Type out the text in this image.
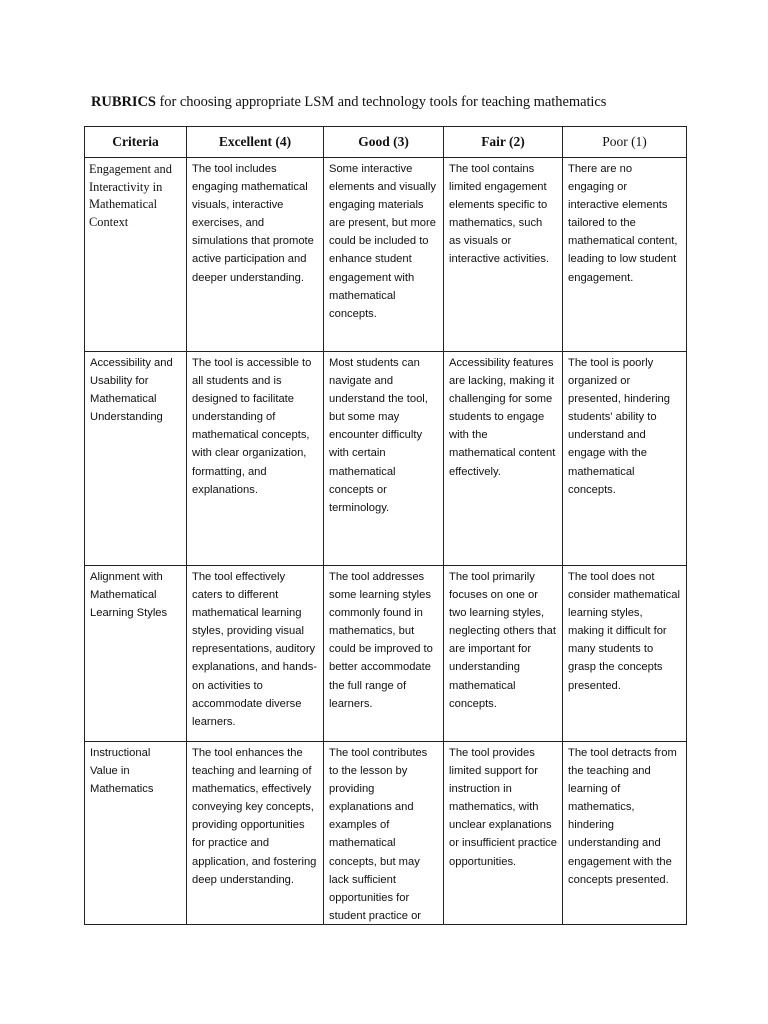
RUBRICS for choosing appropriate LSM and technology tools for teaching mathematics
Criteria	Excellent (4)	Good (3)	Fair (2)	Poor (1)

Engagement and Interactivity in Mathematical Context	The tool includes engaging mathematical visuals, interactive exercises, and simulations that promote active participation and deeper understanding.	Some interactive elements and visually engaging materials are present, but more could be included to enhance student engagement with mathematical concepts.	The tool contains limited engagement elements specific to mathematics, such as visuals or interactive activities.	There are no engaging or interactive elements tailored to the mathematical content, leading to low student engagement.

Accessibility and Usability for Mathematical Understanding	The tool is accessible to all students and is designed to facilitate understanding of mathematical concepts, with clear organization, formatting, and explanations.	Most students can navigate and understand the tool, but some may encounter difficulty with certain mathematical concepts or terminology.	Accessibility features are lacking, making it challenging for some students to engage with the mathematical content effectively.	The tool is poorly organized or presented, hindering students' ability to understand and engage with the mathematical concepts.

Alignment with Mathematical Learning Styles	The tool effectively caters to different mathematical learning styles, providing visual representations, auditory explanations, and hands-on activities to accommodate diverse learners.	The tool addresses some learning styles commonly found in mathematics, but could be improved to better accommodate the full range of learners.	The tool primarily focuses on one or two learning styles, neglecting others that are important for understanding mathematical concepts.	The tool does not consider mathematical learning styles, making it difficult for many students to grasp the concepts presented.

Instructional Value in Mathematics	The tool enhances the teaching and learning of mathematics, effectively conveying key concepts, providing opportunities for practice and application, and fostering deep understanding.	The tool contributes to the lesson by providing explanations and examples of mathematical concepts, but may lack sufficient opportunities for student practice or	The tool provides limited support for instruction in mathematics, with unclear explanations or insufficient practice opportunities.	The tool detracts from the teaching and learning of mathematics, hindering understanding and engagement with the concepts presented.
